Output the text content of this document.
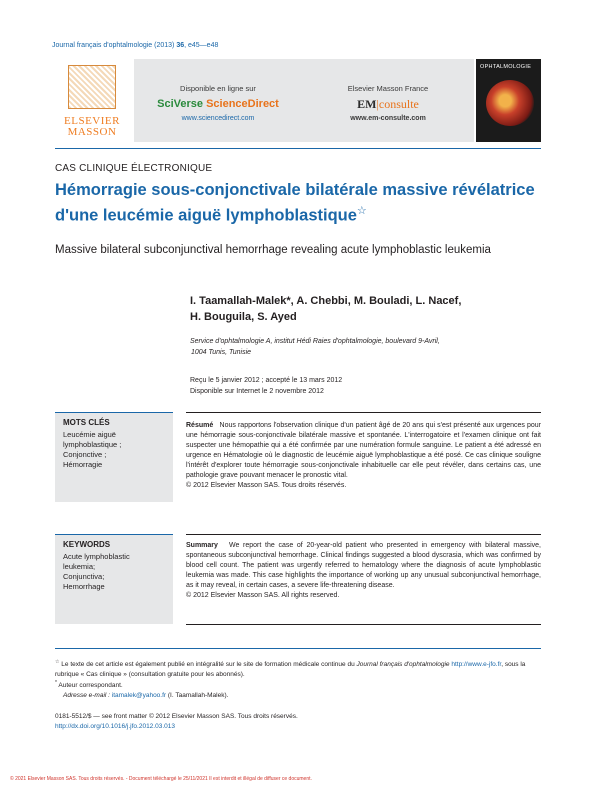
Journal français d'ophtalmologie (2013) 36, e45—e48
ELSEVIER
MASSON
Disponible en ligne sur
SciVerse ScienceDirect
www.sciencedirect.com
Elsevier Masson France
EM|consulte
www.em-consulte.com
OPHTALMOLOGIE
CAS CLINIQUE ÉLECTRONIQUE
Hémorragie sous-conjonctivale bilatérale massive révélatrice d'une leucémie aiguë lymphoblastique☆
Massive bilateral subconjunctival hemorrhage revealing acute lymphoblastic leukemia
I. Taamallah-Malek*, A. Chebbi, M. Bouladi, L. Nacef,
H. Bouguila, S. Ayed
Service d'ophtalmologie A, institut Hédi Raies d'ophtalmologie, boulevard 9-Avril,
1004 Tunis, Tunisie
Reçu le 5 janvier 2012 ; accepté le 13 mars 2012
Disponible sur Internet le 2 novembre 2012
MOTS CLÉS
Leucémie aiguë
lymphoblastique ;
Conjonctive ;
Hémorragie
Résumé Nous rapportons l'observation clinique d'un patient âgé de 20 ans qui s'est présenté aux urgences pour une hémorragie sous-conjonctivale bilatérale massive et spontanée. L'interrogatoire et l'examen clinique ont fait suspecter une hémopathie qui a été confirmée par une numération formule sanguine. Le patient a été adressé en urgence en Hématologie où le diagnostic de leucémie aiguë lymphoblastique a été posé. Ce cas clinique souligne l'intérêt d'explorer toute hémorragie sous-conjonctivale inhabituelle car elle peut révéler, dans certains cas, une pathologie grave pouvant menacer le pronostic vital.
© 2012 Elsevier Masson SAS. Tous droits réservés.
KEYWORDS
Acute lymphoblastic
leukemia;
Conjunctiva;
Hemorrhage
Summary We report the case of 20-year-old patient who presented in emergency with bilateral massive, spontaneous subconjunctival hemorrhage. Clinical findings suggested a blood dyscrasia, which was confirmed by blood cell count. The patient was urgently referred to hematology where the diagnosis of acute lymphoblastic leukemia was made. This case highlights the importance of working up any unusual subconjunctival hemorrhage, as it may reveal, in certain cases, a severe life-threatening disease.
© 2012 Elsevier Masson SAS. All rights reserved.
☆ Le texte de cet article est également publié en intégralité sur le site de formation médicale continue du Journal français d'ophtalmologie http://www.e-jfo.fr, sous la rubrique « Cas clinique » (consultation gratuite pour les abonnés).
* Auteur correspondant.
Adresse e-mail : itamalek@yahoo.fr (I. Taamallah-Malek).
0181-5512/$ — see front matter © 2012 Elsevier Masson SAS. Tous droits réservés.
http://dx.doi.org/10.1016/j.jfo.2012.03.013
© 2021 Elsevier Masson SAS. Tous droits réservés. - Document téléchargé le 25/11/2021 Il est interdit et illégal de diffuser ce document.
